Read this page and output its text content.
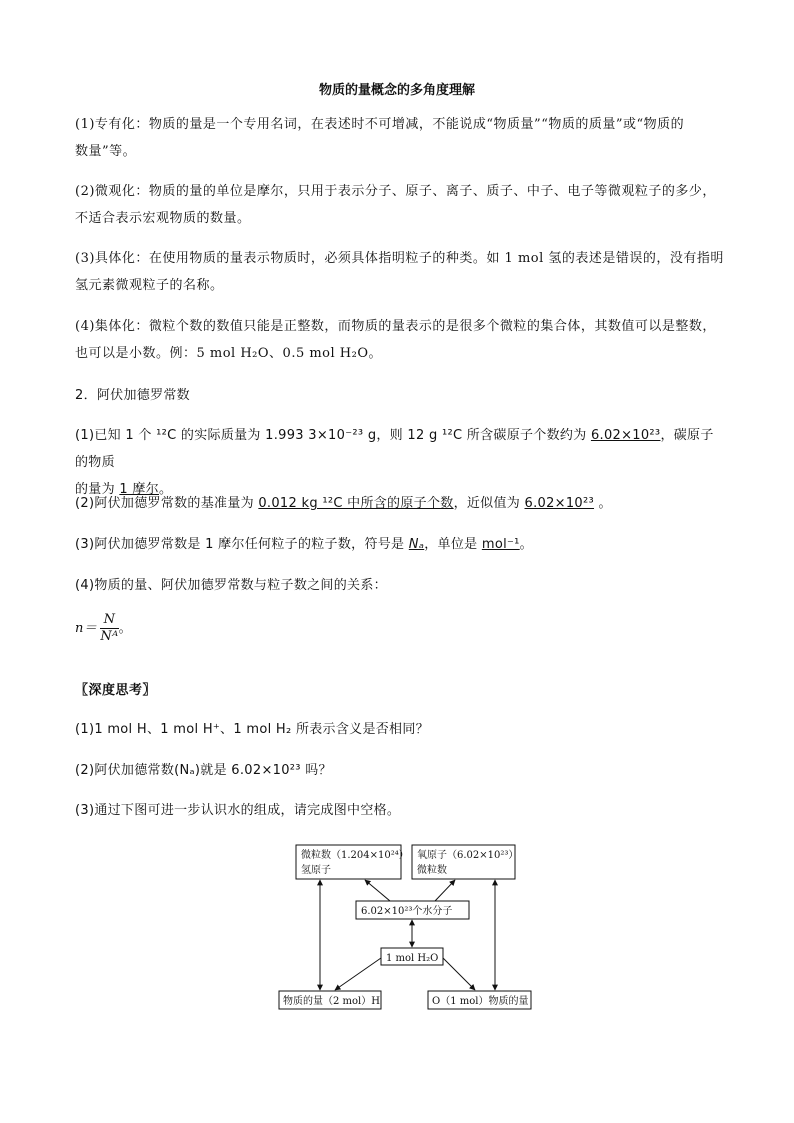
物质的量概念的多角度理解
(1)专有化：物质的量是一个专用名词，在表述时不可增减，不能说成“物质量”“物质的质量”或“物质的
数量”等。
(2)微观化：物质的量的单位是摩尔，只用于表示分子、原子、离子、质子、中子、电子等微观粒子的多少，
不适合表示宏观物质的数量。
(3)具体化：在使用物质的量表示物质时，必须具体指明粒子的种类。如 1 mol 氢的表述是错误的，没有指明
氢元素微观粒子的名称。
(4)集体化：微粒个数的数值只能是正整数，而物质的量表示的是很多个微粒的集合体，其数值可以是整数，
也可以是小数。例：5 mol H₂O、0.5 mol H₂O。
2．阿伏加德罗常数
(1)已知 1 个 ¹²C 的实际质量为 1.993 3×10⁻²³ g，则 12 g ¹²C 所含碳原子个数约为 6.02×10²³，碳原子的物质
的量为 1 摩尔。
(2)阿伏加德罗常数的基准量为 0.012 kg ¹²C 中所含的原子个数，近似值为 6.02×10²³ 。
(3)阿伏加德罗常数是 1 摩尔任何粒子的粒子数，符号是 Nₐ，单位是 mol⁻¹。
(4)物质的量、阿伏加德罗常数与粒子数之间的关系：
$n= \frac{N}{\text{Nᴬ}}$ 。
〖深度思考〗
(1)1 mol H、1 mol H⁺、1 mol H₂ 所表示含义是否相同？
(2)阿伏加德常数(Nₐ)就是 6.02×10²³ 吗？
(3)通过下图可进一步认识水的组成，请完成图中空格。
微粒数（1.204×10²⁴）
氢原子
氧原子（6.02×10²³）
微粒数
6.02×10²³个水分子
1 mol H₂O
物质的量（2 mol）H	O（1 mol）物质的量
